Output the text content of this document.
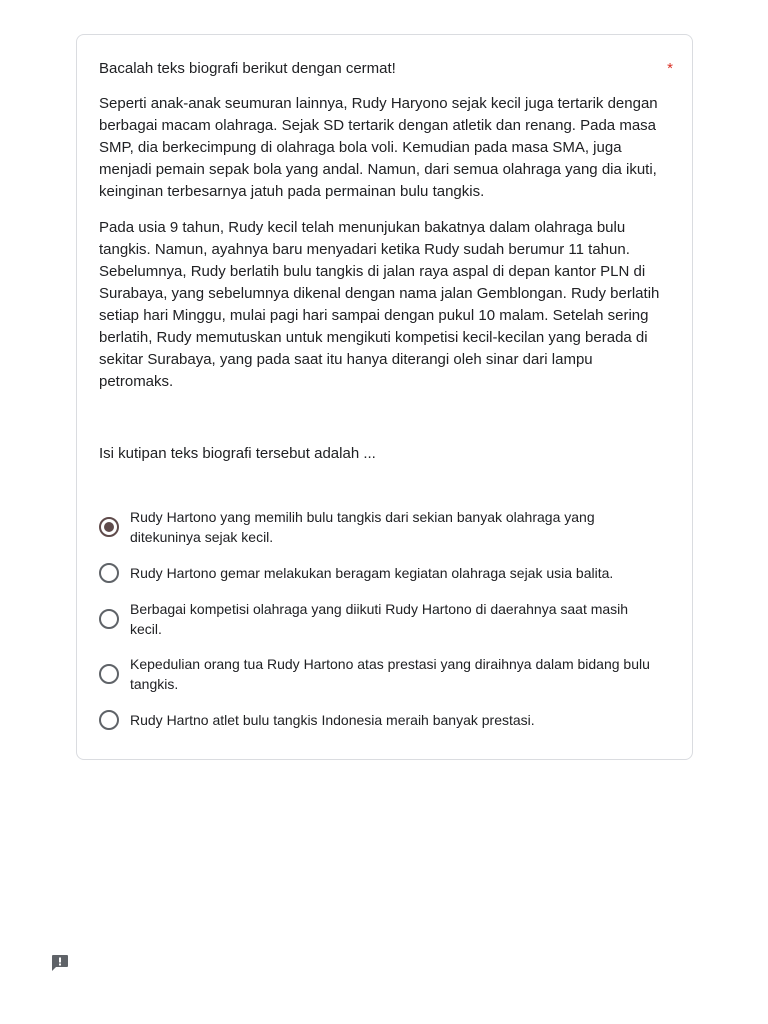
Bacalah teks biografi berikut dengan cermat!	*

Seperti anak-anak seumuran lainnya, Rudy Haryono sejak kecil juga tertarik dengan berbagai macam olahraga. Sejak SD tertarik dengan atletik dan renang. Pada masa SMP, dia berkecimpung di olahraga bola voli. Kemudian pada masa SMA, juga menjadi pemain sepak bola yang andal. Namun, dari semua olahraga yang dia ikuti, keinginan terbesarnya jatuh pada permainan bulu tangkis.

Pada usia 9 tahun, Rudy kecil telah menunjukan bakatnya dalam olahraga bulu tangkis. Namun, ayahnya baru menyadari ketika Rudy sudah berumur 11 tahun. Sebelumnya, Rudy berlatih bulu tangkis di jalan raya aspal di depan kantor PLN di Surabaya, yang sebelumnya dikenal dengan nama jalan Gemblongan. Rudy berlatih setiap hari Minggu, mulai pagi hari sampai dengan pukul 10 malam. Setelah sering berlatih, Rudy memutuskan untuk mengikuti kompetisi kecil-kecilan yang berada di sekitar Surabaya, yang pada saat itu hanya diterangi oleh sinar dari lampu petromaks.

Isi kutipan teks biografi tersebut adalah ...
Rudy Hartono yang memilih bulu tangkis dari sekian banyak olahraga yang ditekuninya sejak kecil.
Rudy Hartono gemar melakukan beragam kegiatan olahraga sejak usia balita.
Berbagai kompetisi olahraga yang diikuti Rudy Hartono di daerahnya saat masih kecil.
Kepedulian orang tua Rudy Hartono atas prestasi yang diraihnya dalam bidang bulu tangkis.
Rudy Hartno atlet bulu tangkis Indonesia meraih banyak prestasi.
